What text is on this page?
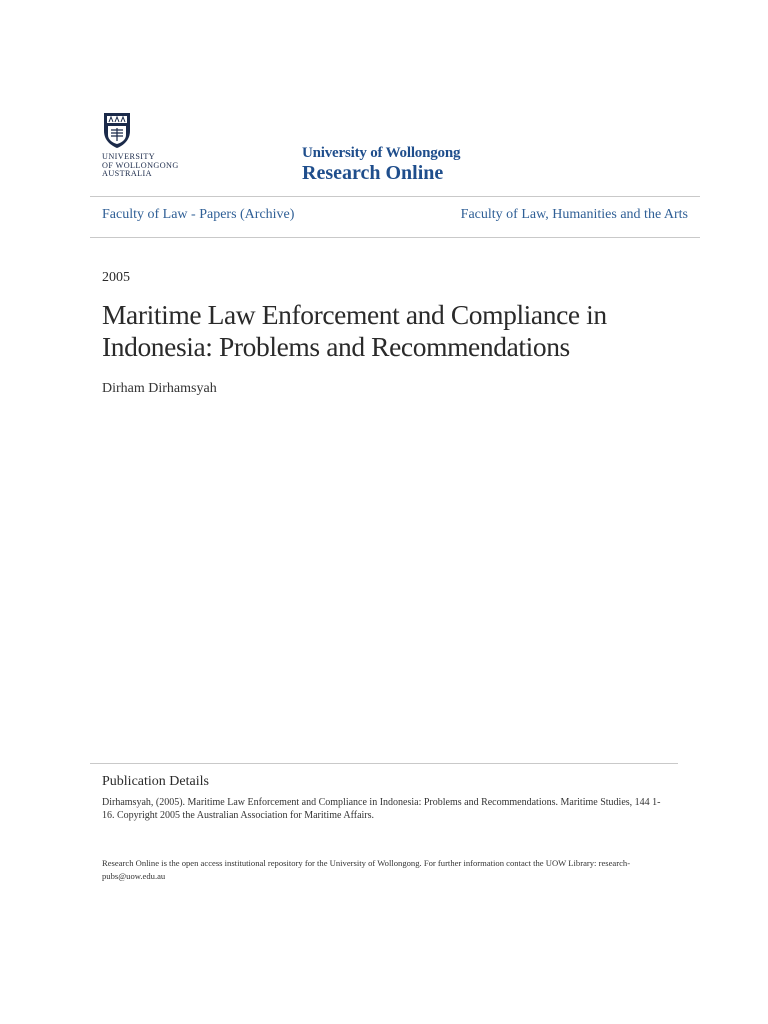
UNIVERSITY
OF WOLLONGONG
AUSTRALIA
University of Wollongong
Research Online
Faculty of Law - Papers (Archive)	Faculty of Law, Humanities and the Arts
2005
Maritime Law Enforcement and Compliance in Indonesia: Problems and Recommendations
Dirham Dirhamsyah
Publication Details
Dirhamsyah, (2005). Maritime Law Enforcement and Compliance in Indonesia: Problems and Recommendations. Maritime Studies, 144 1-16. Copyright 2005 the Australian Association for Maritime Affairs.
Research Online is the open access institutional repository for the University of Wollongong. For further information contact the UOW Library: research-pubs@uow.edu.au
